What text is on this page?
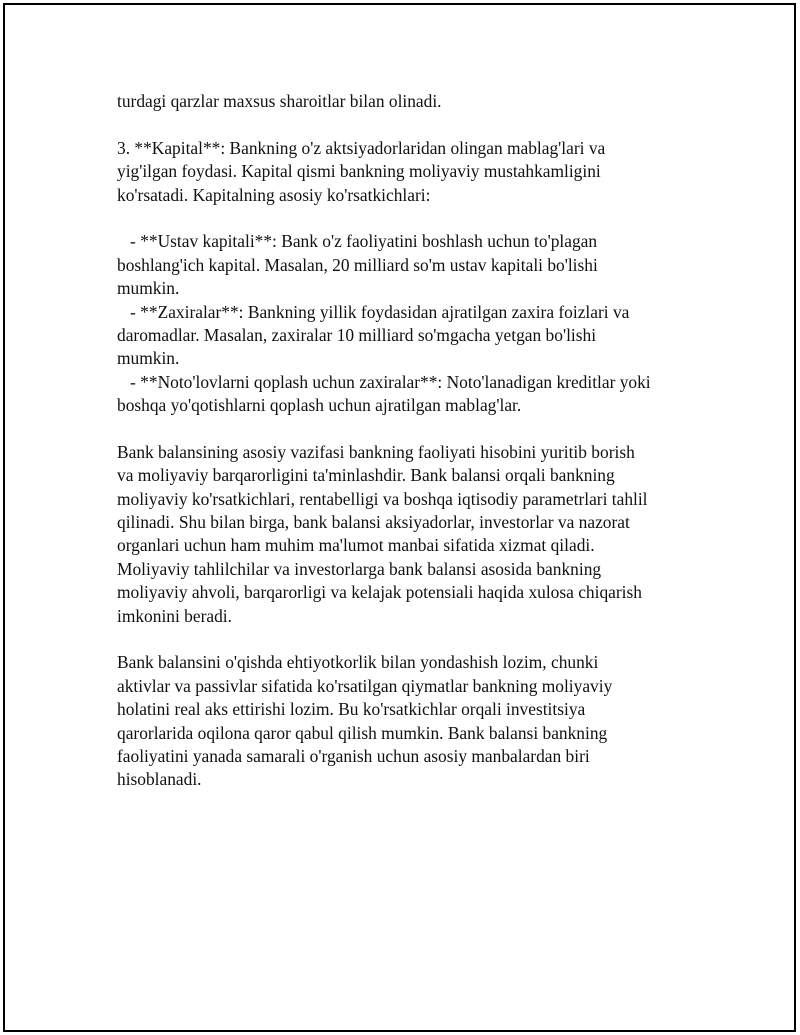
turdagi qarzlar maxsus sharoitlar bilan olinadi.
3. **Kapital**: Bankning o'z aktsiyadorlaridan olingan mablag'lari va
yig'ilgan foydasi. Kapital qismi bankning moliyaviy mustahkamligini
ko'rsatadi. Kapitalning asosiy ko'rsatkichlari:
- **Ustav kapitali**: Bank o'z faoliyatini boshlash uchun to'plagan
boshlang'ich kapital. Masalan, 20 milliard so'm ustav kapitali bo'lishi
mumkin.
- **Zaxiralar**: Bankning yillik foydasidan ajratilgan zaxira foizlari va
daromadlar. Masalan, zaxiralar 10 milliard so'mgacha yetgan bo'lishi
mumkin.
- **Noto'lovlarni qoplash uchun zaxiralar**: Noto'lanadigan kreditlar yoki
boshqa yo'qotishlarni qoplash uchun ajratilgan mablag'lar.
Bank balansining asosiy vazifasi bankning faoliyati hisobini yuritib borish
va moliyaviy barqarorligini ta'minlashdir. Bank balansi orqali bankning
moliyaviy ko'rsatkichlari, rentabelligi va boshqa iqtisodiy parametrlari tahlil
qilinadi. Shu bilan birga, bank balansi aksiyadorlar, investorlar va nazorat
organlari uchun ham muhim ma'lumot manbai sifatida xizmat qiladi.
Moliyaviy tahlilchilar va investorlarga bank balansi asosida bankning
moliyaviy ahvoli, barqarorligi va kelajak potensiali haqida xulosa chiqarish
imkonini beradi.
Bank balansini o'qishda ehtiyotkorlik bilan yondashish lozim, chunki
aktivlar va passivlar sifatida ko'rsatilgan qiymatlar bankning moliyaviy
holatini real aks ettirishi lozim. Bu ko'rsatkichlar orqali investitsiya
qarorlarida oqilona qaror qabul qilish mumkin. Bank balansi bankning
faoliyatini yanada samarali o'rganish uchun asosiy manbalardan biri
hisoblanadi.
